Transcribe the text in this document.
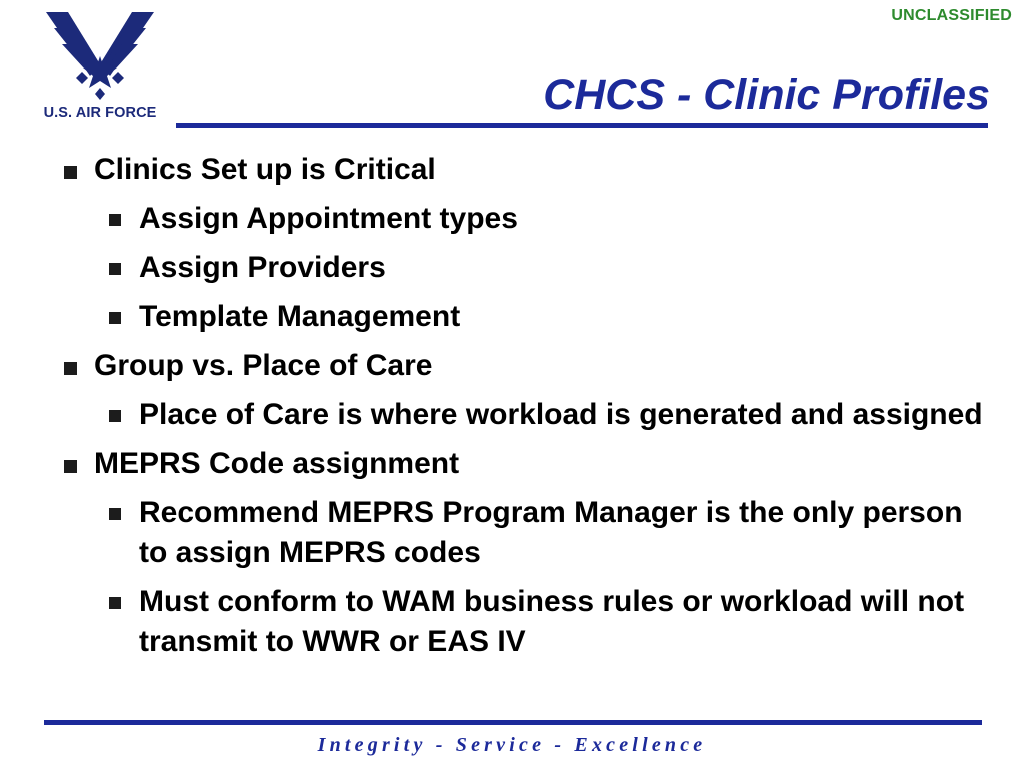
UNCLASSIFIED
U.S. AIR FORCE	CHCS - Clinic Profiles
Clinics Set up is Critical
Assign Appointment types
Assign Providers
Template Management
Group vs. Place of Care
Place of Care is where workload is generated and assigned
MEPRS Code assignment
Recommend MEPRS Program Manager is the only person to assign MEPRS codes
Must conform to WAM business rules or workload will not transmit to WWR or EAS IV
Integrity - Service - Excellence
